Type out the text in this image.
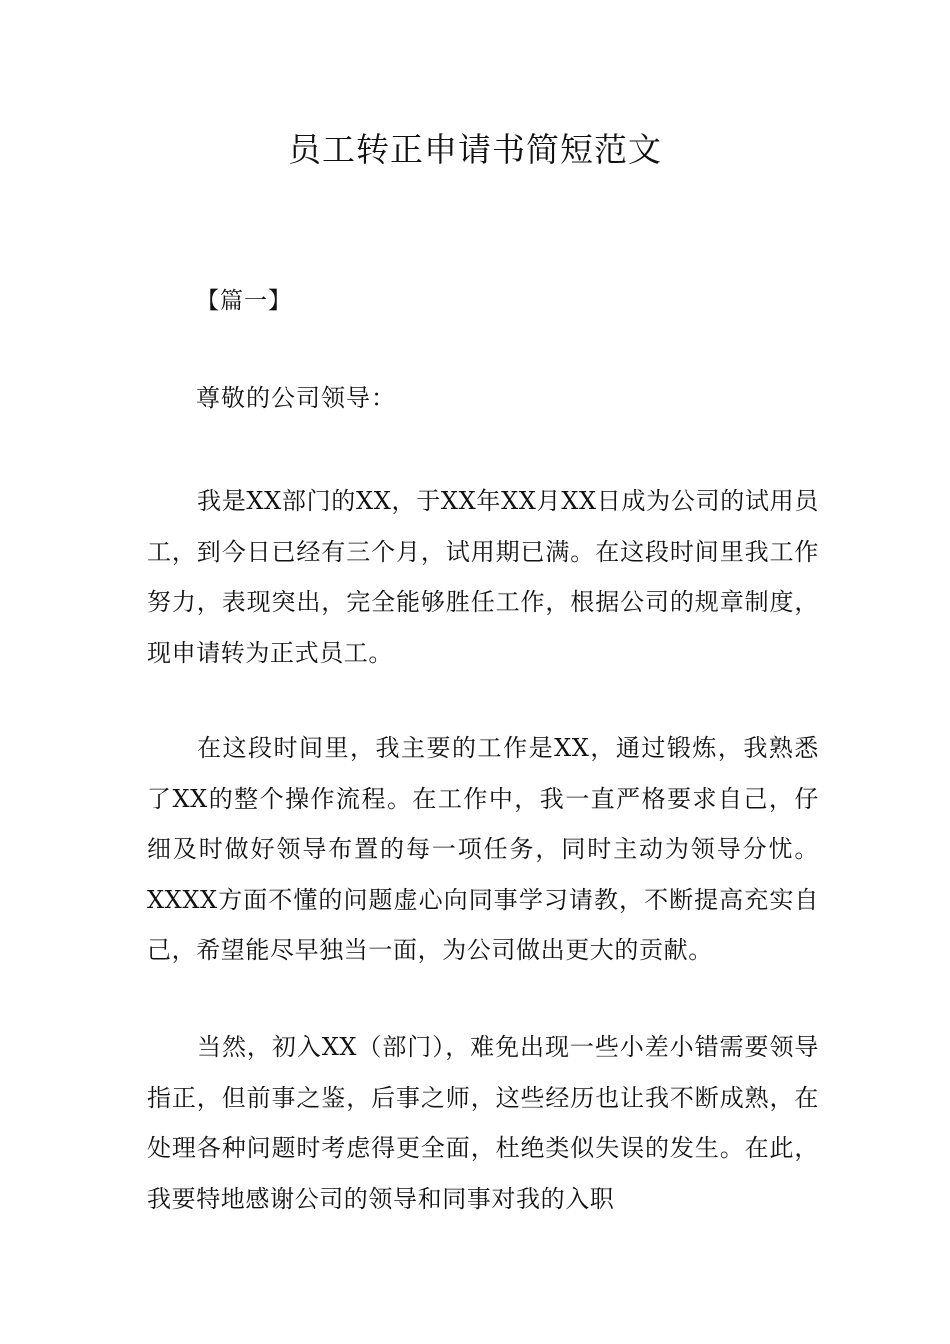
员工转正申请书简短范文
【篇一】
尊敬的公司领导：

我是XX部门的XX，于XX年XX月XX日成为公司的试用员工，到今日已经有三个月，试用期已满。在这段时间里我工作努力，表现突出，完全能够胜任工作，根据公司的规章制度，现申请转为正式员工。

在这段时间里，我主要的工作是XX，通过锻炼，我熟悉了XX的整个操作流程。在工作中，我一直严格要求自己，仔细及时做好领导布置的每一项任务，同时主动为领导分忧。XXXX方面不懂的问题虚心向同事学习请教，不断提高充实自己，希望能尽早独当一面，为公司做出更大的贡献。

当然，初入XX（部门），难免出现一些小差小错需要领导指正，但前事之鉴，后事之师，这些经历也让我不断成熟，在处理各种问题时考虑得更全面，杜绝类似失误的发生。在此，我要特地感谢公司的领导和同事对我的入职
